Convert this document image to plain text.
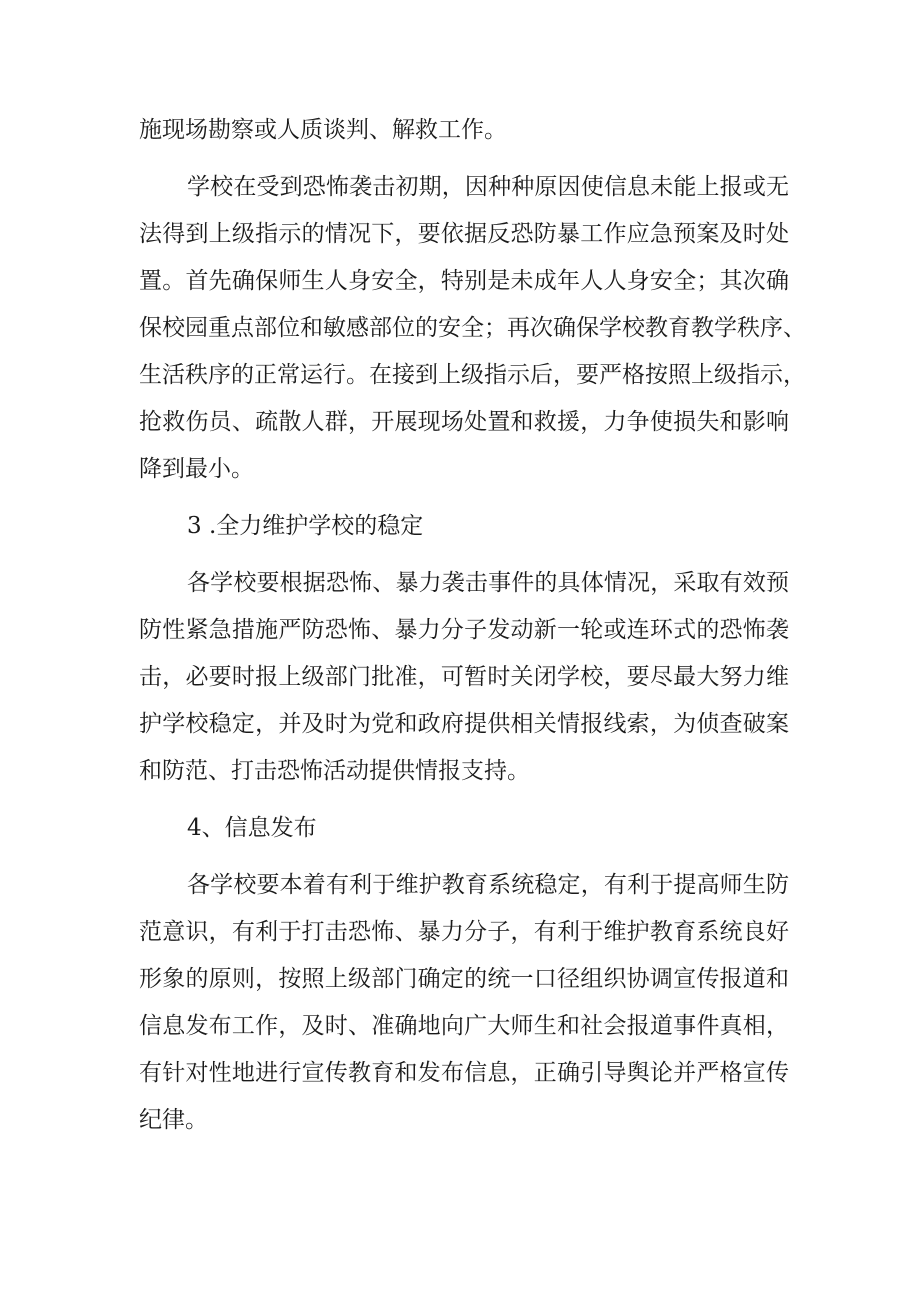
施现场勘察或人质谈判、解救工作。
学校在受到恐怖袭击初期，因种种原因使信息未能上报或无
法得到上级指示的情况下，要依据反恐防暴工作应急预案及时处
置。首先确保师生人身安全，特别是未成年人人身安全；其次确
保校园重点部位和敏感部位的安全；再次确保学校教育教学秩序、
生活秩序的正常运行。在接到上级指示后，要严格按照上级指示，
抢救伤员、疏散人群，开展现场处置和救援，力争使损失和影响
降到最小。
3 .全力维护学校的稳定
各学校要根据恐怖、暴力袭击事件的具体情况，采取有效预
防性紧急措施严防恐怖、暴力分子发动新一轮或连环式的恐怖袭
击，必要时报上级部门批准，可暂时关闭学校，要尽最大努力维
护学校稳定，并及时为党和政府提供相关情报线索，为侦查破案
和防范、打击恐怖活动提供情报支持。
4、信息发布
各学校要本着有利于维护教育系统稳定，有利于提高师生防
范意识，有利于打击恐怖、暴力分子，有利于维护教育系统良好
形象的原则，按照上级部门确定的统一口径组织协调宣传报道和
信息发布工作，及时、准确地向广大师生和社会报道事件真相，
有针对性地进行宣传教育和发布信息，正确引导舆论并严格宣传
纪律。
